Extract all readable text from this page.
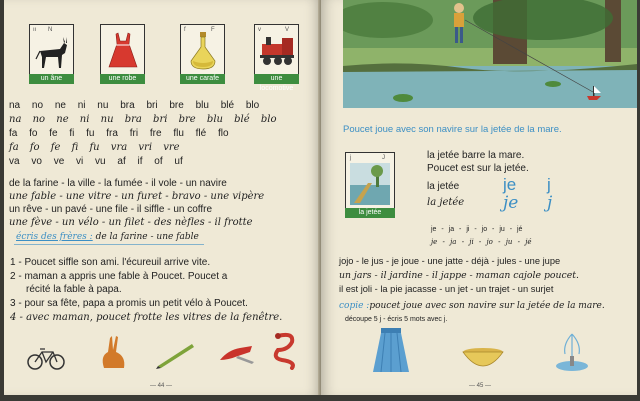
ıı N
un âne	une robe
f	F
une carafe
v	V
une locomotive
na no ne ni nu bra bri bre blu blé blo
na no ne ni nu bra bri bre blu blé blo
fa fo fe fi fu fra fri fre flu flé flo
fa fo fe fi fu vra vri vre
va vo ve vi vu af if of uf
de la farine - la ville - la fumée - il vole - un navire
une fable - une vitre - un furet - bravo - une vipère
un rêve - un pavé - une file - il siffle - un coffre
une fève - un vélo - un filet - des nèfles - il frotte
écris des frères : de la farine - une fable
1 - Poucet siffle son ami. l'écureuil arrive vite.
2 - maman a appris une fable à Poucet. Poucet a
récité la fable à papa.
3 - pour sa fête, papa a promis un petit vélo à Poucet.
4 - avec maman, poucet frotte les vitres de la fenêtre.
— 44 —
Poucet joue avec son navire sur la jetée de la mare.
j	J
la jetée
la jetée barre la mare.
Poucet est sur la jetée.
la jetée
la jetée
je j
je j
je - ja - ji - jo - ju - jé
je - ja - ji - jo - ju - jé
jojo - le jus - je joue - une jatte - déjà - jules - une jupe
un jars - il jardine - il jappe - maman cajole poucet.
il est joli - la pie jacasse - un jet - un trajet - un surjet
copie :poucet joue avec son navire sur la jetée de la mare.
découpe 5 j - écris 5 mots avec j.
— 45 —
